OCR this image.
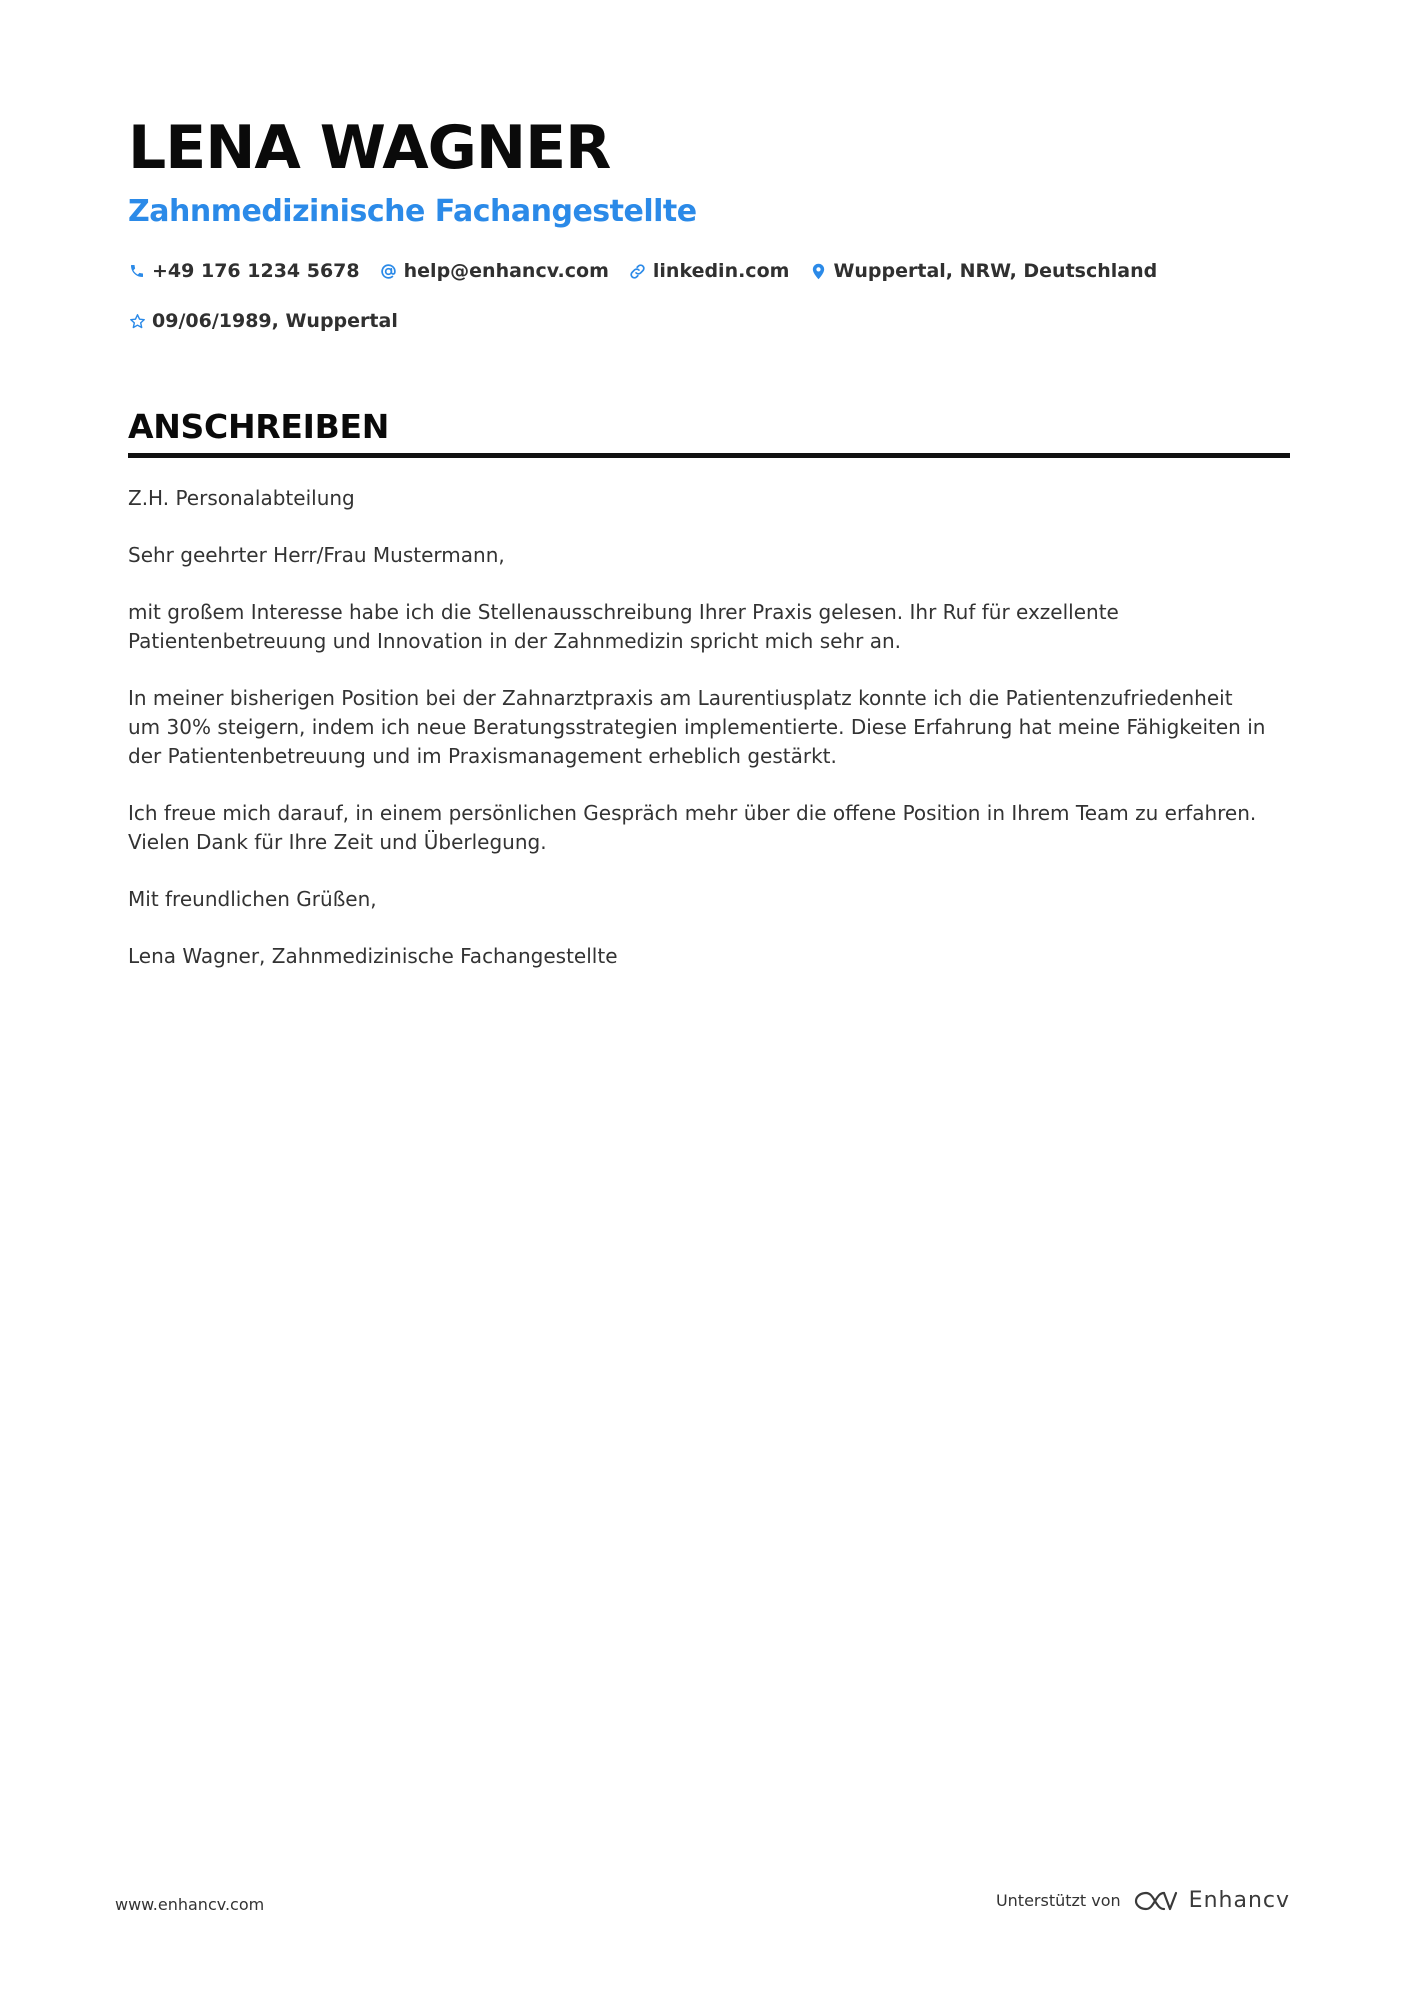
LENA WAGNER
Zahnmedizinische Fachangestellte
+49 176 1234 5678 help@enhancv.com linkedin.com Wuppertal, NRW, Deutschland
09/06/1989, Wuppertal
ANSCHREIBEN

Z.H. Personalabteilung

Sehr geehrter Herr/Frau Mustermann,

mit großem Interesse habe ich die Stellenausschreibung Ihrer Praxis gelesen. Ihr Ruf für exzellente Patientenbetreuung und Innovation in der Zahnmedizin spricht mich sehr an.

In meiner bisherigen Position bei der Zahnarztpraxis am Laurentiusplatz konnte ich die Patientenzufriedenheit um 30% steigern, indem ich neue Beratungsstrategien implementierte. Diese Erfahrung hat meine Fähigkeiten in der Patientenbetreuung und im Praxismanagement erheblich gestärkt.

Ich freue mich darauf, in einem persönlichen Gespräch mehr über die offene Position in Ihrem Team zu erfahren. Vielen Dank für Ihre Zeit und Überlegung.

Mit freundlichen Grüßen,

Lena Wagner, Zahnmedizinische Fachangestellte

www.enhancv.com	Unterstützt von	Enhancv
